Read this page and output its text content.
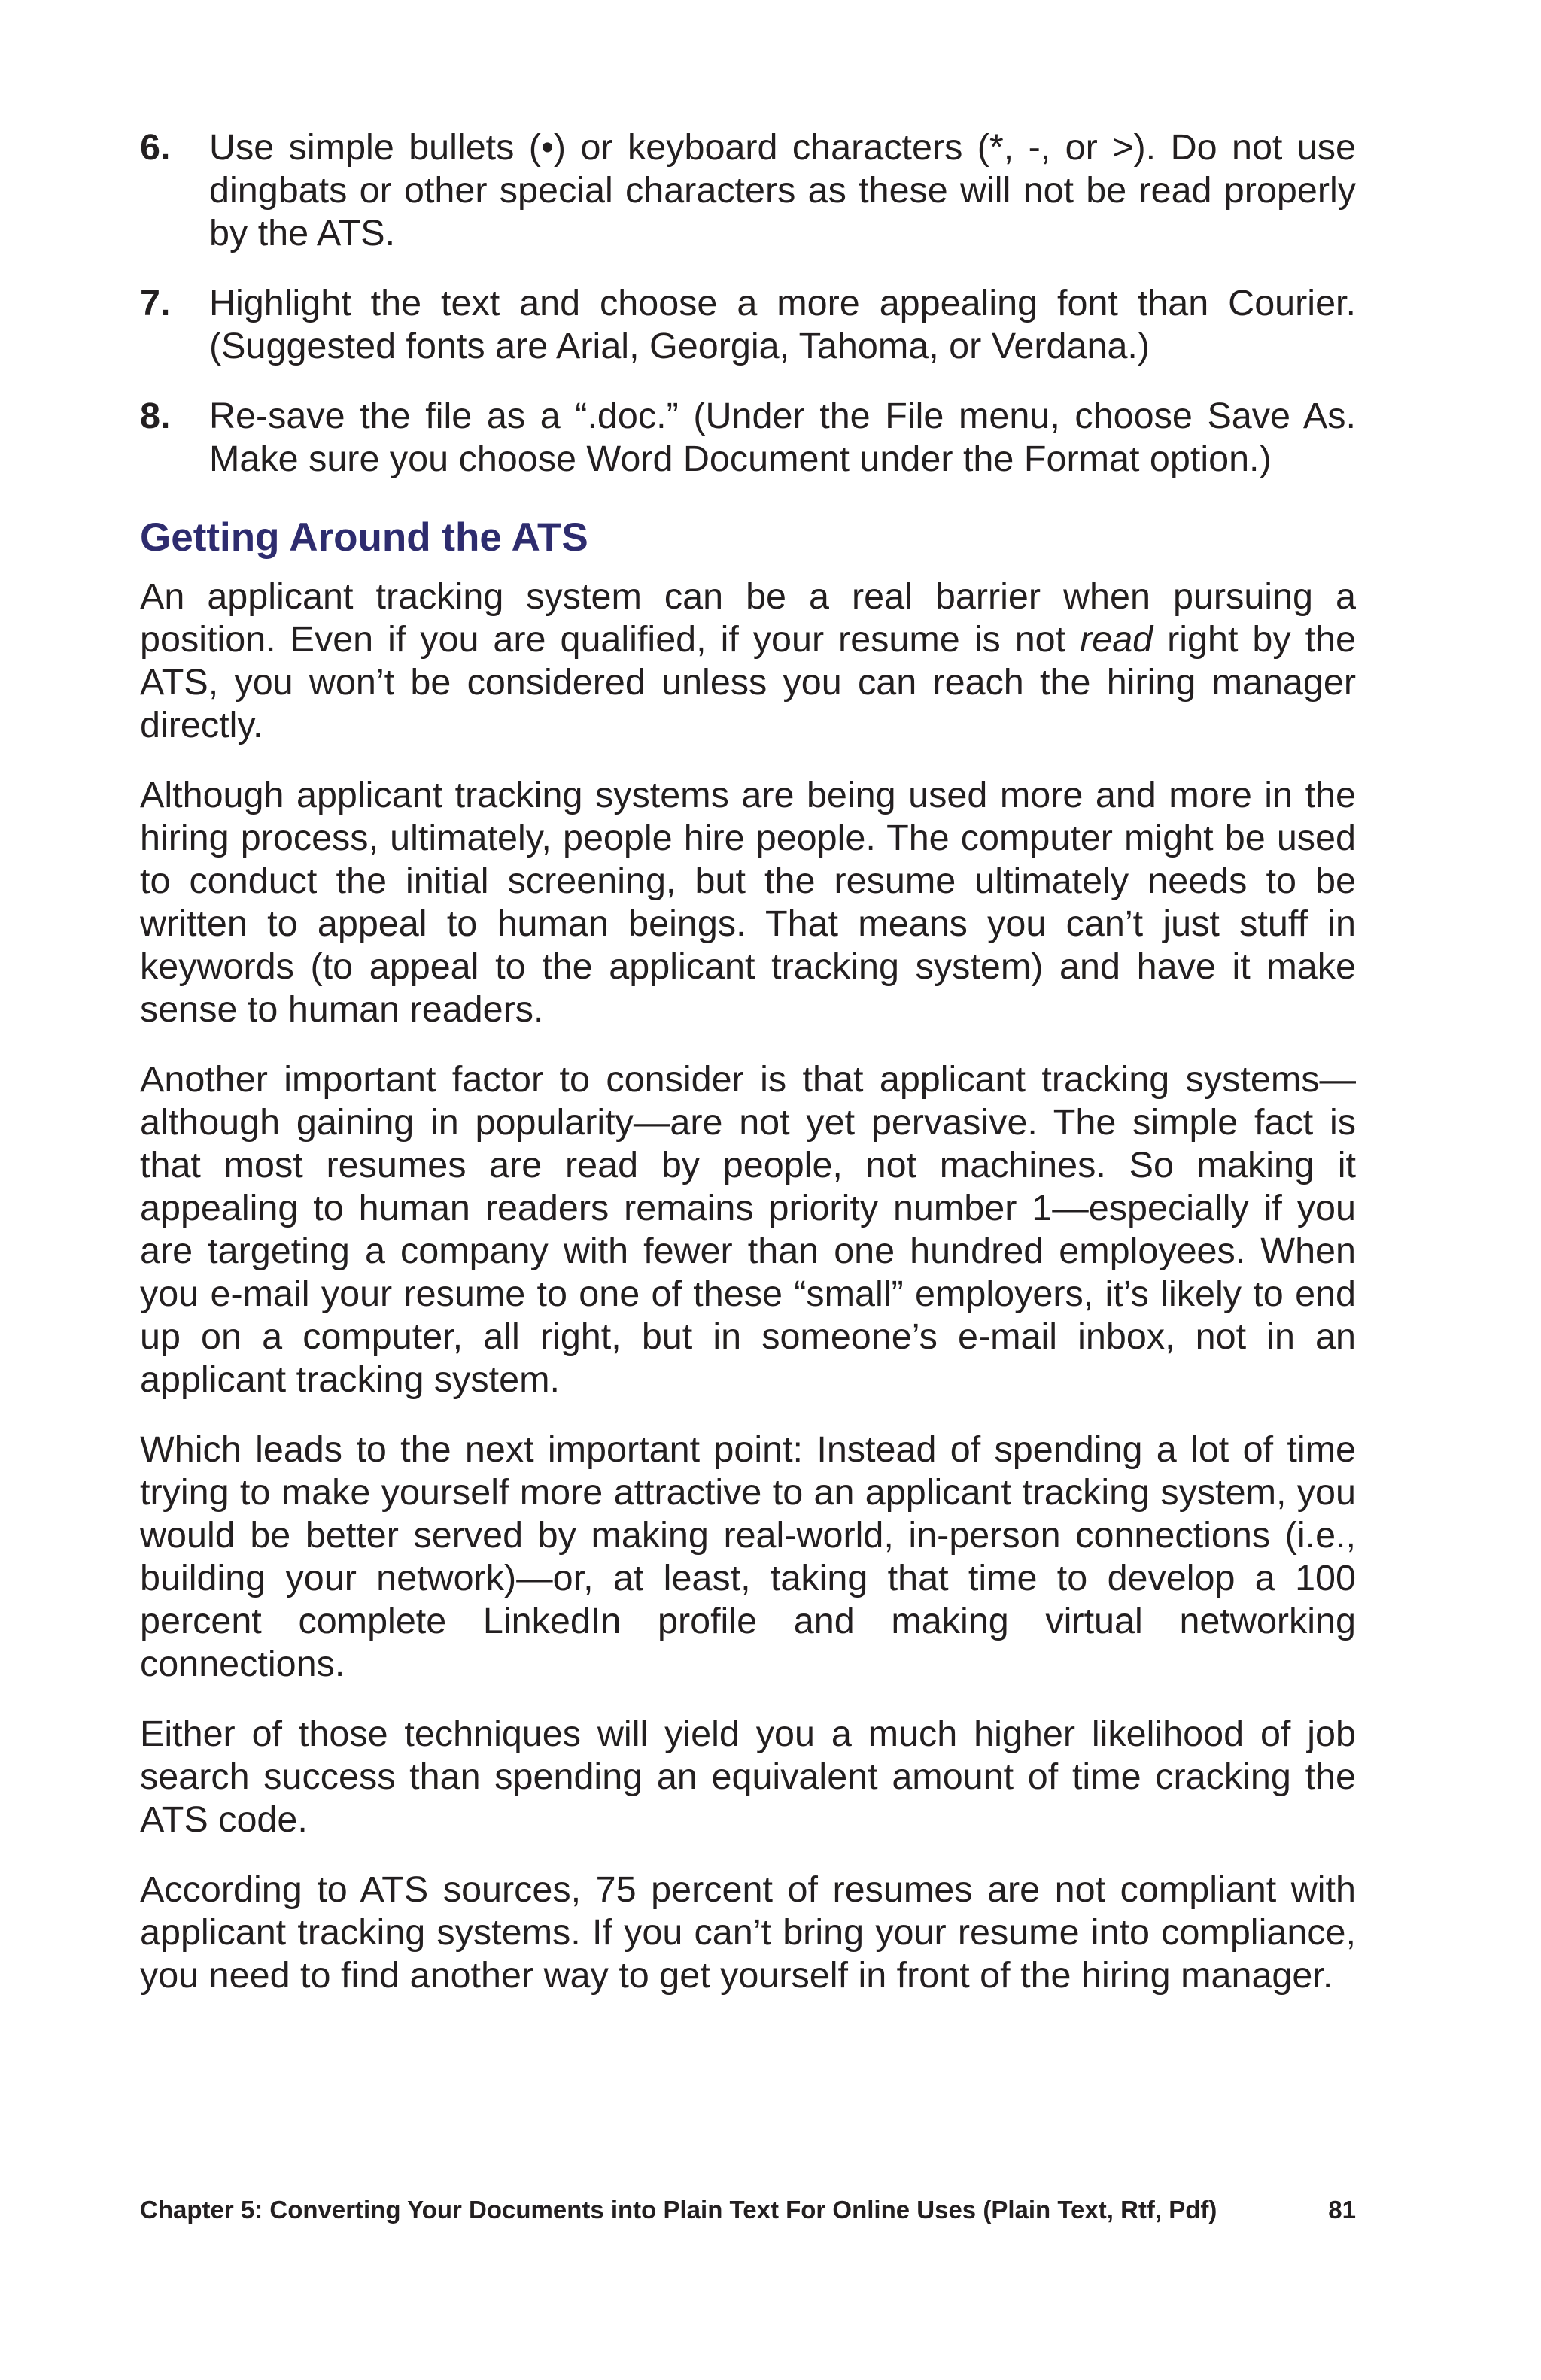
6.	Use simple bullets (•) or keyboard characters (*, -, or >). Do not use dingbats or other special characters as these will not be read properly by the ATS.
7.	Highlight the text and choose a more appealing font than Courier. (Suggested fonts are Arial, Georgia, Tahoma, or Verdana.)
8.	Re-save the file as a “.doc.” (Under the File menu, choose Save As. Make sure you choose Word Document under the Format option.)
Getting Around the ATS

An applicant tracking system can be a real barrier when pursuing a position. Even if you are qualified, if your resume is not read right by the ATS, you won’t be considered unless you can reach the hiring manager directly.

Although applicant tracking systems are being used more and more in the hiring process, ultimately, people hire people. The computer might be used to conduct the initial screening, but the resume ultimately needs to be written to appeal to human beings. That means you can’t just stuff in keywords (to appeal to the applicant tracking system) and have it make sense to human readers.

Another important factor to consider is that applicant tracking systems—although gaining in popularity—are not yet pervasive. The simple fact is that most resumes are read by people, not machines. So making it appealing to human readers remains priority number 1—especially if you are targeting a company with fewer than one hundred employees. When you e-mail your resume to one of these “small” employers, it’s likely to end up on a computer, all right, but in someone’s e-mail inbox, not in an applicant tracking system.

Which leads to the next important point: Instead of spending a lot of time trying to make yourself more attractive to an applicant tracking system, you would be better served by making real-world, in-person connections (i.e., building your network)—or, at least, taking that time to develop a 100 percent complete LinkedIn profile and making virtual networking connections.

Either of those techniques will yield you a much higher likelihood of job search success than spending an equivalent amount of time cracking the ATS code.

According to ATS sources, 75 percent of resumes are not compliant with applicant tracking systems. If you can’t bring your resume into compliance, you need to find another way to get yourself in front of the hiring manager.

Chapter 5: Converting Your Documents into Plain Text For Online Uses (Plain Text, Rtf, Pdf)	81
